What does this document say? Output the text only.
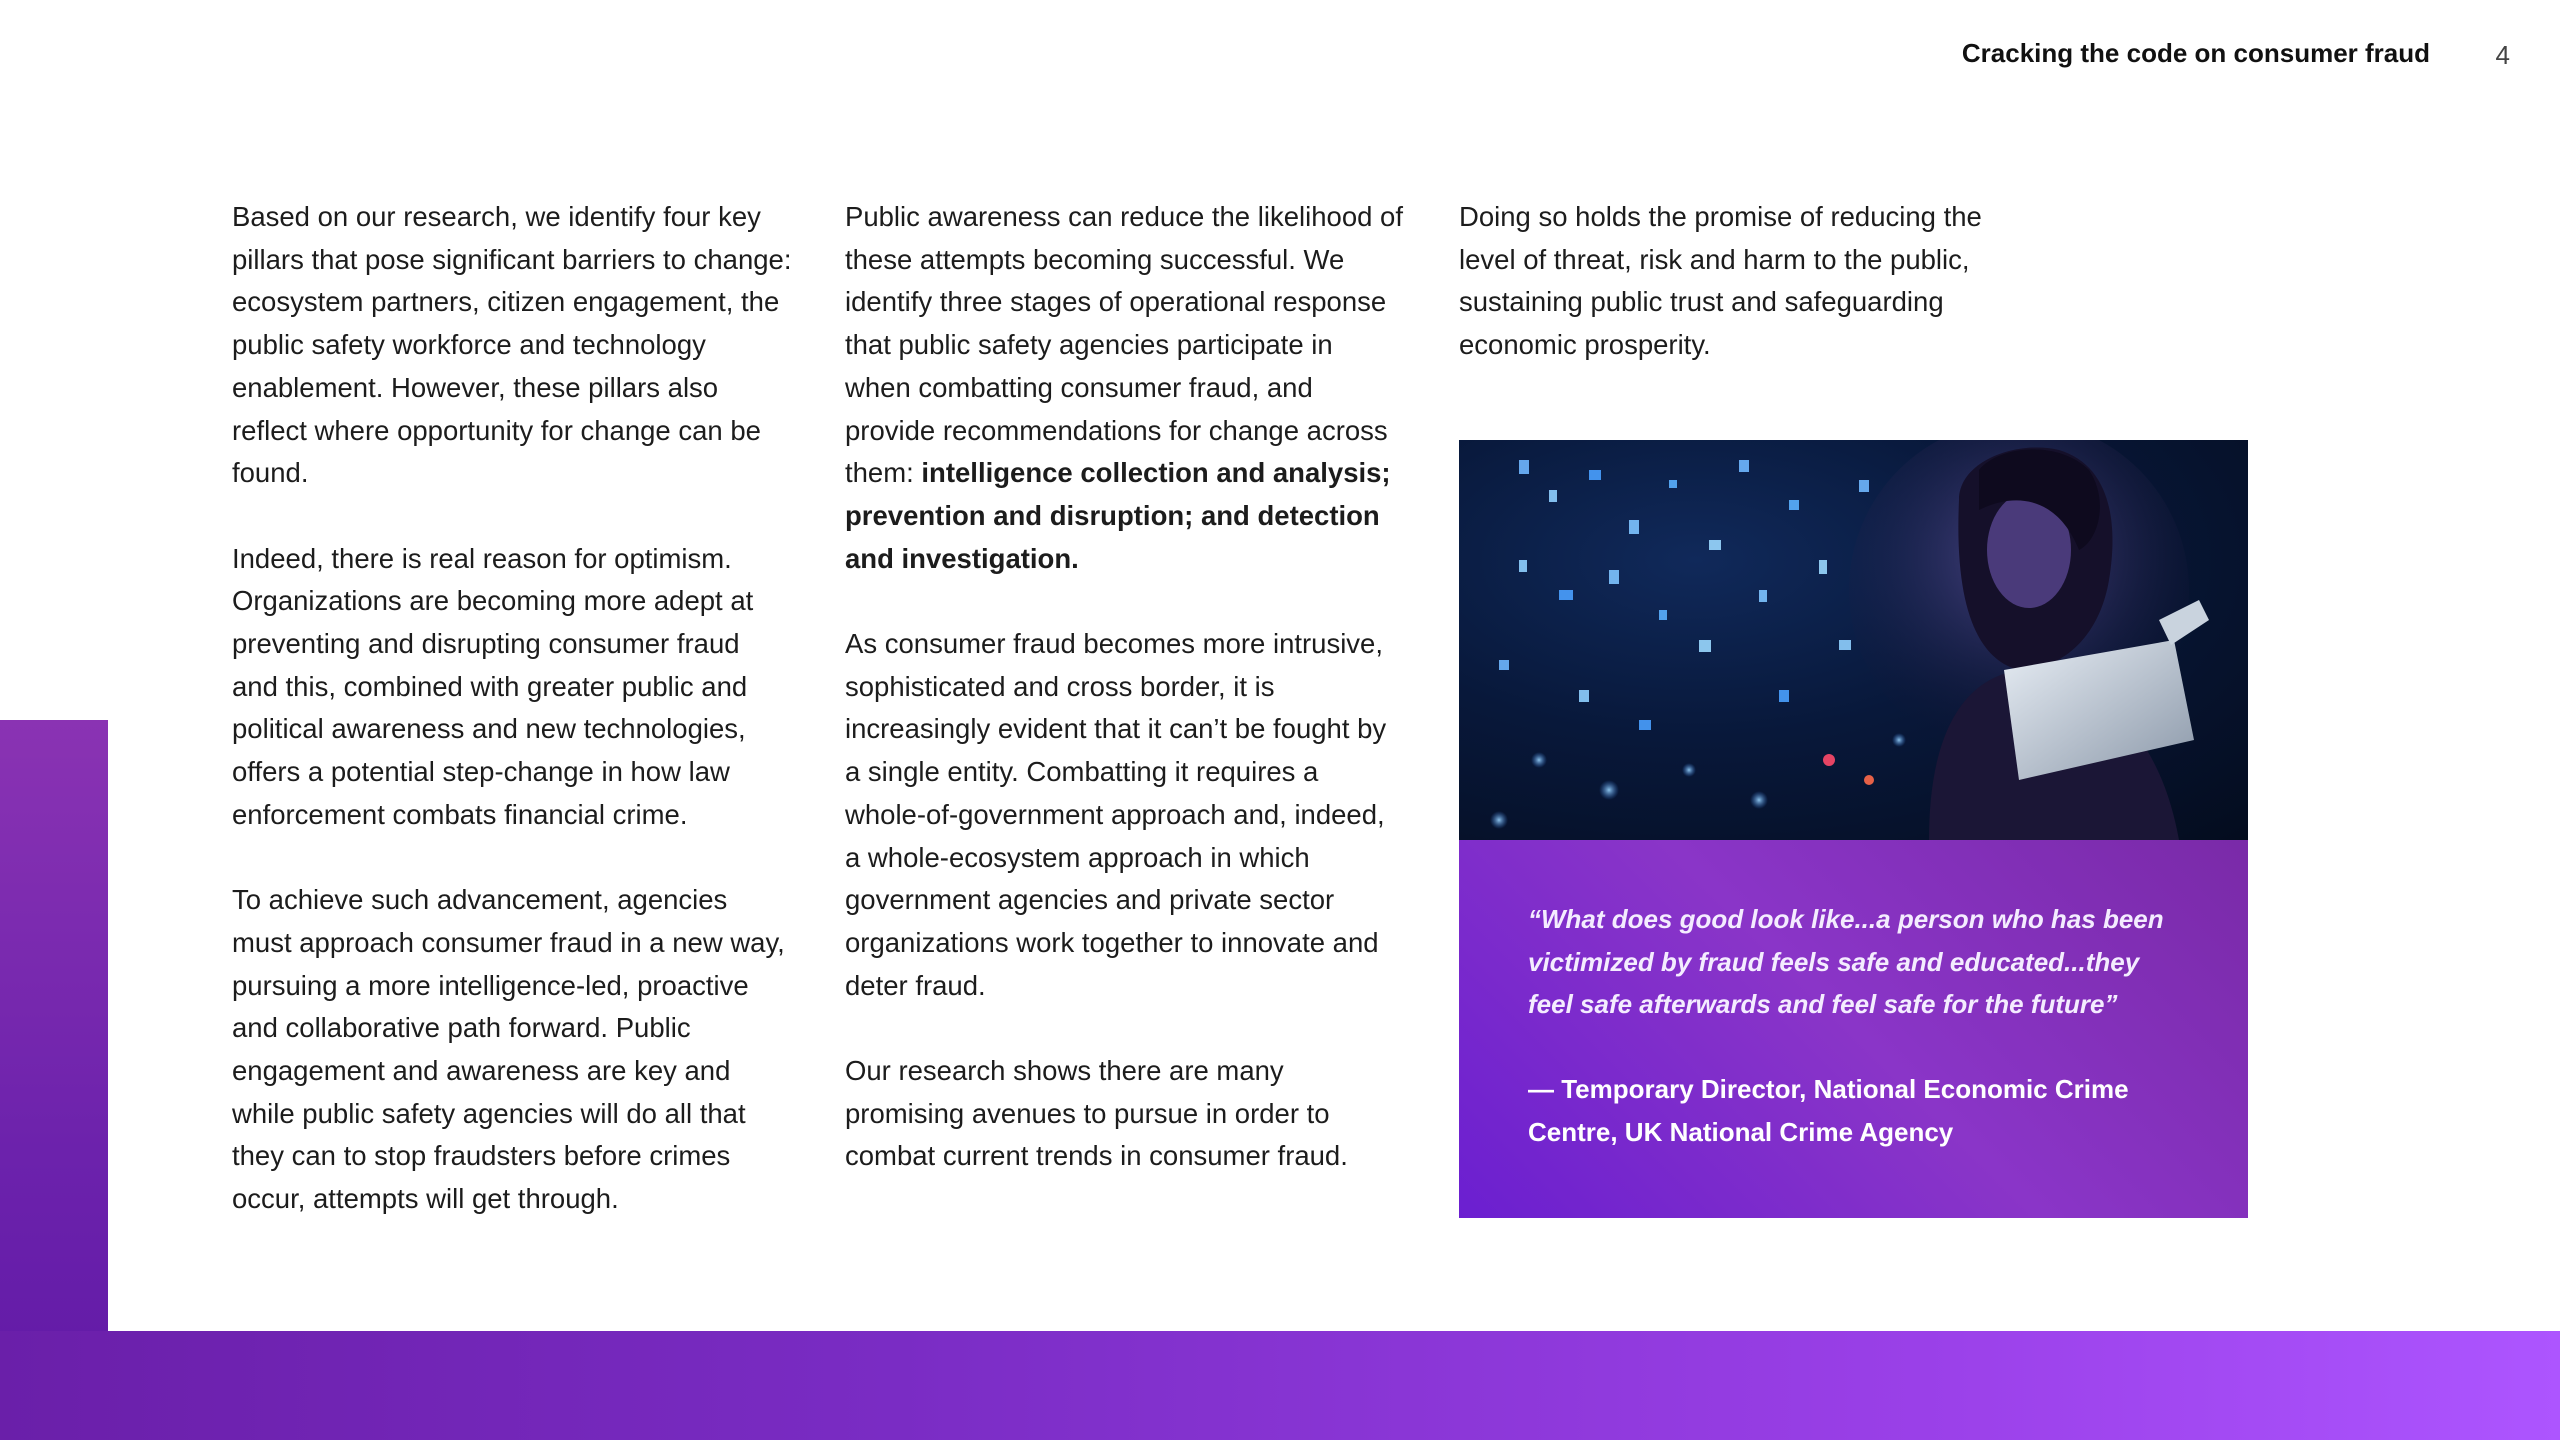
Cracking the code on consumer fraud	4

Based on our research, we identify four key pillars that pose significant barriers to change: ecosystem partners, citizen engagement, the public safety workforce and technology enablement. However, these pillars also reflect where opportunity for change can be found.

Indeed, there is real reason for optimism. Organizations are becoming more adept at preventing and disrupting consumer fraud and this, combined with greater public and political awareness and new technologies, offers a potential step-change in how law enforcement combats financial crime.

To achieve such advancement, agencies must approach consumer fraud in a new way, pursuing a more intelligence-led, proactive and collaborative path forward. Public engagement and awareness are key and while public safety agencies will do all that they can to stop fraudsters before crimes occur, attempts will get through.

Public awareness can reduce the likelihood of these attempts becoming successful. We identify three stages of operational response that public safety agencies participate in when combatting consumer fraud, and provide recommendations for change across them: intelligence collection and analysis; prevention and disruption; and detection and investigation.

As consumer fraud becomes more intrusive, sophisticated and cross border, it is increasingly evident that it can’t be fought by a single entity. Combatting it requires a whole-of-government approach and, indeed, a whole-ecosystem approach in which government agencies and private sector organizations work together to innovate and deter fraud.

Our research shows there are many promising avenues to pursue in order to combat current trends in consumer fraud.

Doing so holds the promise of reducing the level of threat, risk and harm to the public, sustaining public trust and safeguarding economic prosperity.

“What does good look like...a person who has been victimized by fraud feels safe and educated...they feel safe afterwards and feel safe for the future”
— Temporary Director, National Economic Crime Centre, UK National Crime Agency
